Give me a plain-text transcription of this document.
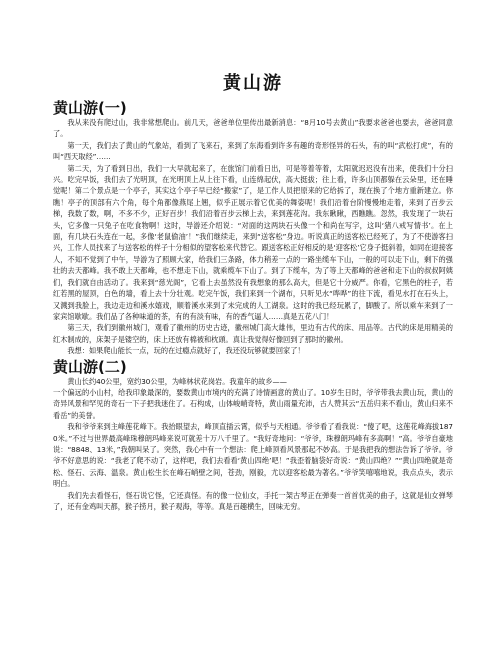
黄山游
黄山游(一)

我从来没有爬过山，我非常想爬山。前几天，爸爸单位里传出最新消息：“8月10号去黄山”我要求爸爸也要去，爸爸同意了。

第一天，我们去了黄山的气象站，看到了飞来石，来到了东海看到许多有趣的奇形怪异的石头，有的叫“武松打虎”，有的叫“西天取经”……

第二天，为了看到日出，我们一大早就起来了，在旅馆门前看日出，可是等着等着，太阳就迟迟没有出来，使我们十分扫兴。吃完早饭，我们去了光明顶，在光明顶上从上往下看，山连绵起伏，高大挺拔；往上看，许多山顶都躲在云朵里，还在睡觉呢！第二个景点是一个亭子，其实这个亭子早已经“搬家”了，是工作人员把原来的它给拆了，现在换了个地方重新建立。你瞧！亭子的顶部有六个角，每个角都像燕尾上翘，似乎正展示着它优美的舞姿呢！我们沿着台阶慢慢地走着，来到了百步云梯，我数了数，啊，不多不少，正好百步！我们沿着百步云梯上去，来到莲花沟。我东瞅瞅，西瞧瞧。忽然，我发现了一块石头，它多像一只兔子在吃食物啊！这时，导游还介绍说：“对面的这两块石头像一个和尚在写字，这叫‘猪八戒写情书’。在上面，有几块石头连在一起，多像‘老鼠偷油’！”我们继续走，来到“送客松”身边。听说真正的送客松已经死了，为了不使游客扫兴，工作人员找来了与送客松的样子十分相似的望客松来代替它。跟送客松正好相反的是‘迎客松’它身子挺斜着，如同在迎接客人，不知不觉到了中午，导游为了照顾大家，给我们三条路，体力稍差一点的一路坐缆车下山，一般的可以走下山，剩下的强壮的去天都峰。我不敢上天都峰，也不想走下山，就乘缆车下山了。到了下缆车，为了等上天都峰的爸爸和走下山的叔叔阿姨们，我们就自由活动了。我来到“慈光阁”，它看上去虽然没有我想象的那么高大，但是它十分威严。你看，它黑色的柱子，若红若黑的屋顶，白色的墙，看上去十分壮观。吃完午饭，我们来到一个湖布，只听见水“哗哗”的往下流，看见水打在石头上，又溅到我脸上，我边走边和溪水嬉戏，顺着溪水来到了未完成的人工湖泉。这时的我已经玩累了，脚酸了。所以乘车来到了一家宾馆歇歇。我们品了各种味道的茶，有的有淡有味，有的香气逼人……真是五花八门！

第三天，我们到徽州城门，观看了徽州的历史古迹，徽州城门高大雄伟，里边有古代的床、用品等。古代的床是用精美的红木制成的，床架子是镂空的，床上还放有棉被和枕頭。真让我觉得好像回到了那时的徽州。

我想：如果爬山能长一点，玩的在过瘾点就好了，我还没玩够就要回家了！

黄山游(二)

黄山长约40公里，宽约30公里，为峰林状花岗岩。我童年的故乡——

一个偏远的小山村，给我印象最深的，要数黄山市境内的充满了诗情画意的黄山了。10岁生日时，爷爷带我去黄山玩，黄山的奇异风景和罕见的奇石一下子把我迷住了。石构成，山体峻峭奇特，黄山雨量充沛，古人赞其云“五岳归来不看山，黄山归来不看岳”的美誉。

我和爷爷来到主峰莲花峰下。我抬眼望去，峰顶直插云霄，似乎与天相通。爷爷看了看我说：“傻了吧，这莲花峰海拔1870米。”不过与世界最高峰珠穆朗玛峰来说可就差十万八千里了。“我好奇地问：“爷爷，珠穆朗玛峰有多高啊！”高。爷爷自豪地说：“8848、13米，”我朝叫呆了。突然，我心中有一个想法：爬上峰顶看风景那起不妙高。于是我把我的想法告诉了爷爷。爷爷不好意思的说：“我老了爬不动了，这样吧，我们去看看‘黄山四绝’吧！”我歪着脑袋好奇说：“黄山四绝？”“黄山四绝就是奇松、怪石、云海、温泉。黄山松生长在峰石峭壁之间，苍劲，刚毅，尤以迎客松最为著名。”爷爷笑嘻嘻地说，我点点头，表示明白。

我们先去看怪石，怪石说它怪，它还真怪。有的像一位仙女，手托一架古琴正在弹奏一首首优美的曲子，这就是仙女弹琴了，还有金鸡叫天都，猴子捞月，猴子观海，等等。真是百趣横生，回味无穷。
